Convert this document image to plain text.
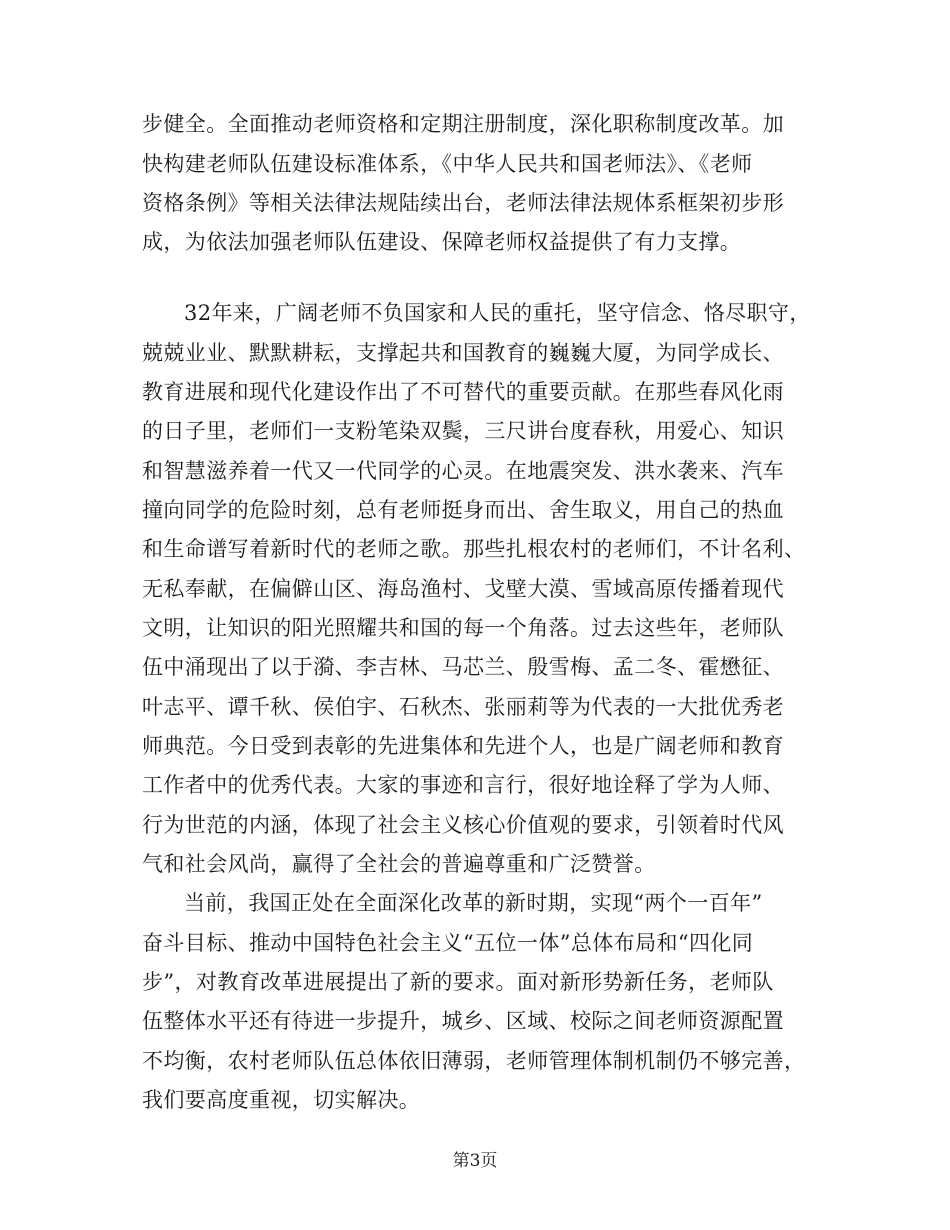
步健全。全面推动老师资格和定期注册制度，深化职称制度改革。加
快构建老师队伍建设标准体系，《中华人民共和国老师法》、《老师
资格条例》等相关法律法规陆续出台，老师法律法规体系框架初步形
成，为依法加强老师队伍建设、保障老师权益提供了有力支撑。
32年来，广阔老师不负国家和人民的重托，坚守信念、恪尽职守，
兢兢业业、默默耕耘，支撑起共和国教育的巍巍大厦，为同学成长、
教育进展和现代化建设作出了不可替代的重要贡献。在那些春风化雨
的日子里，老师们一支粉笔染双鬓，三尺讲台度春秋，用爱心、知识
和智慧滋养着一代又一代同学的心灵。在地震突发、洪水袭来、汽车
撞向同学的危险时刻，总有老师挺身而出、舍生取义，用自己的热血
和生命谱写着新时代的老师之歌。那些扎根农村的老师们，不计名利、
无私奉献，在偏僻山区、海岛渔村、戈壁大漠、雪域高原传播着现代
文明，让知识的阳光照耀共和国的每一个角落。过去这些年，老师队
伍中涌现出了以于漪、李吉林、马芯兰、殷雪梅、孟二冬、霍懋征、
叶志平、谭千秋、侯伯宇、石秋杰、张丽莉等为代表的一大批优秀老
师典范。今日受到表彰的先进集体和先进个人，也是广阔老师和教育
工作者中的优秀代表。大家的事迹和言行，很好地诠释了学为人师、
行为世范的内涵，体现了社会主义核心价值观的要求，引领着时代风
气和社会风尚，赢得了全社会的普遍尊重和广泛赞誉。
当前，我国正处在全面深化改革的新时期，实现“两个一百年”
奋斗目标、推动中国特色社会主义“五位一体”总体布局和“四化同
步”，对教育改革进展提出了新的要求。面对新形势新任务，老师队
伍整体水平还有待进一步提升，城乡、区域、校际之间老师资源配置
不均衡，农村老师队伍总体依旧薄弱，老师管理体制机制仍不够完善，
我们要高度重视，切实解决。
第3页
